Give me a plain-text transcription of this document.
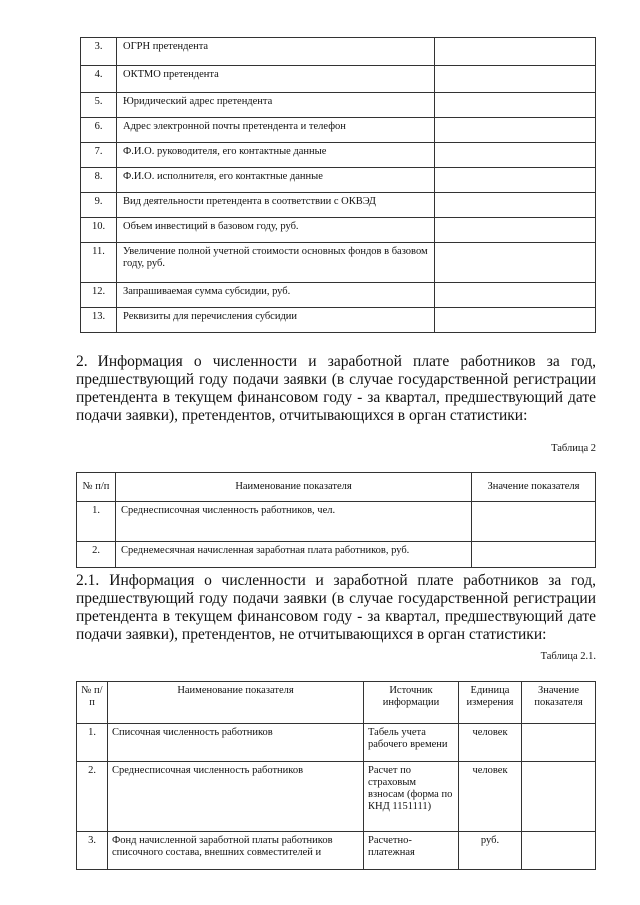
3.	ОГРН претендента	
4.	ОКТМО претендента	
5.	Юридический адрес претендента	
6.	Адрес электронной почты претендента и телефон	
7.	Ф.И.О. руководителя, его контактные данные	
8.	Ф.И.О. исполнителя, его контактные данные	
9.	Вид деятельности претендента в соответствии с ОКВЭД	
10.	Объем инвестиций в базовом году, руб.	
11.	Увеличение полной учетной стоимости основных фондов в базовом году, руб.	
12.	Запрашиваемая сумма субсидии, руб.	
13.	Реквизиты для перечисления субсидии	

2. Информация о численности и заработной плате работников за год, предшествующий году подачи заявки (в случае государственной регистрации претендента в текущем финансовом году - за квартал, предшествующий дате подачи заявки), претендентов, отчитывающихся в орган статистики:

Таблица 2

№ п/п	Наименование показателя	Значение показателя
1.	Среднесписочная численность работников, чел.	
2.	Среднемесячная начисленная заработная плата работников, руб.	

2.1. Информация о численности и заработной плате работников за год, предшествующий году подачи заявки (в случае государственной регистрации претендента в текущем финансовом году - за квартал, предшествующий дате подачи заявки), претендентов, не отчитывающихся в орган статистики:

Таблица 2.1.

№ п/п	Наименование показателя	Источник информации	Единица измерения	Значение показателя
1.	Списочная численность работников	Табель учета рабочего времени	человек	
2.	Среднесписочная численность работников	Расчет по страховым взносам (форма по КНД 1151111)	человек	
3.	Фонд начисленной заработной платы работников списочного состава, внешних совместителей и	Расчетно-платежная	руб.	
